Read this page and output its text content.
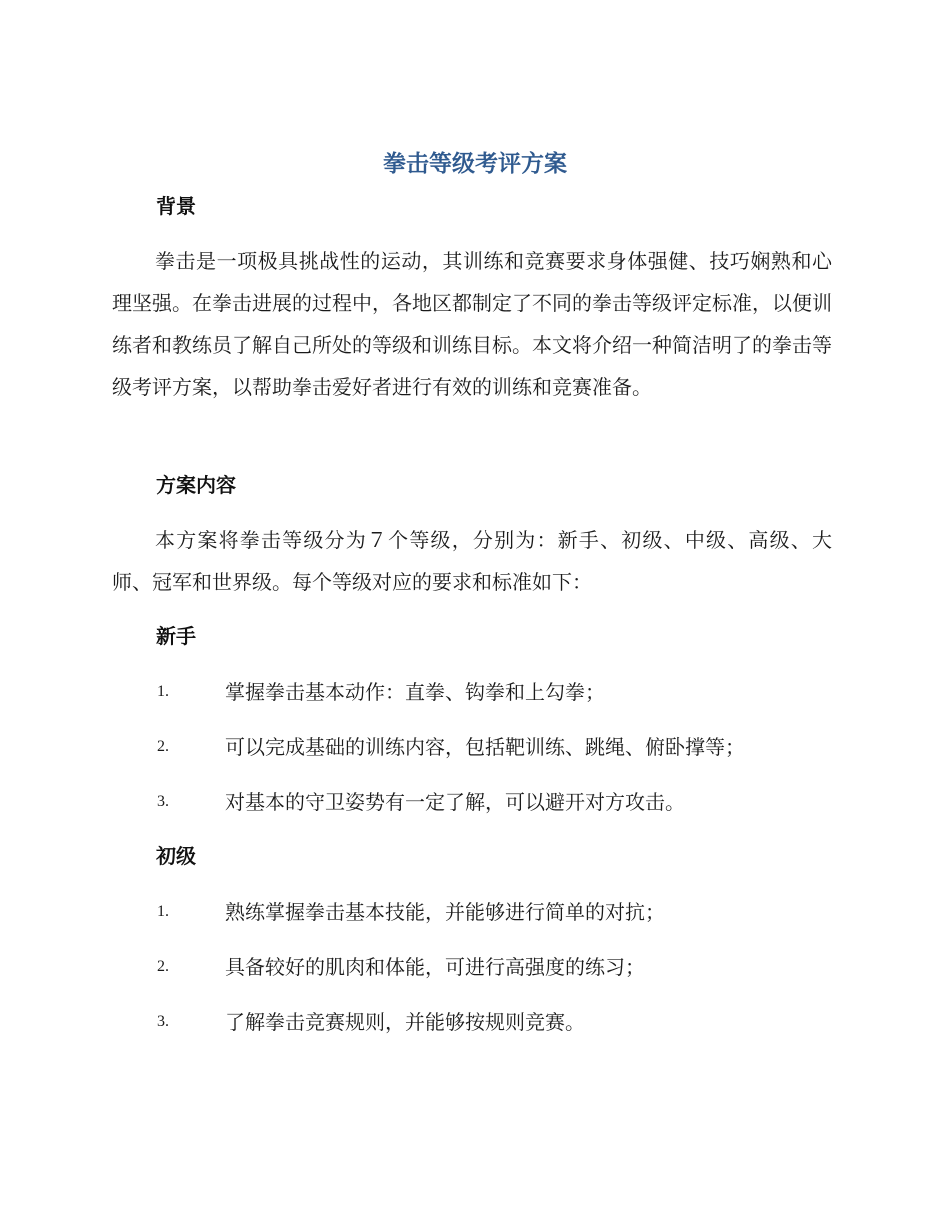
拳击等级考评方案
背景

拳击是一项极具挑战性的运动，其训练和竞赛要求身体强健、技巧娴熟和心理坚强。在拳击进展的过程中，各地区都制定了不同的拳击等级评定标准，以便训练者和教练员了解自己所处的等级和训练目标。本文将介绍一种简洁明了的拳击等级考评方案，以帮助拳击爱好者进行有效的训练和竞赛准备。

方案内容

本方案将拳击等级分为７个等级，分别为：新手、初级、中级、高级、大师、冠军和世界级。每个等级对应的要求和标准如下：

新手
1.	掌握拳击基本动作：直拳、钩拳和上勾拳；
2.	可以完成基础的训练内容，包括靶训练、跳绳、俯卧撑等；
3.	对基本的守卫姿势有一定了解，可以避开对方攻击。
初级
1.	熟练掌握拳击基本技能，并能够进行简单的对抗；
2.	具备较好的肌肉和体能，可进行高强度的练习；
3.	了解拳击竞赛规则，并能够按规则竞赛。
